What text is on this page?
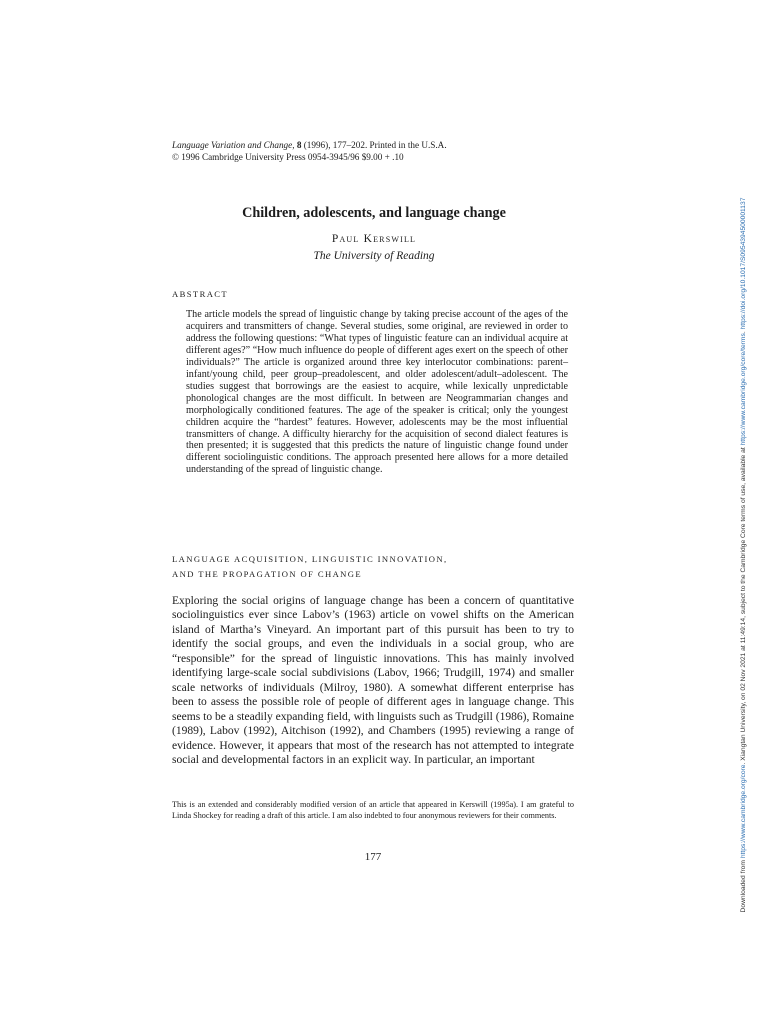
Language Variation and Change, 8 (1996), 177–202. Printed in the U.S.A.
© 1996 Cambridge University Press 0954-3945/96 $9.00 + .10
Children, adolescents, and language change
Paul Kerswill
The University of Reading
ABSTRACT
The article models the spread of linguistic change by taking precise account of the ages of the acquirers and transmitters of change. Several studies, some original, are reviewed in order to address the following questions: “What types of linguistic feature can an individual acquire at different ages?” “How much influence do people of different ages exert on the speech of other individuals?” The article is organized around three key interlocutor combinations: parent–infant/young child, peer group–preadolescent, and older adolescent/adult–adolescent. The studies suggest that borrowings are the easiest to acquire, while lexically unpredictable phonological changes are the most difficult. In between are Neogrammarian changes and morphologically conditioned features. The age of the speaker is critical; only the youngest children acquire the “hardest” features. However, adolescents may be the most influential transmitters of change. A difficulty hierarchy for the acquisition of second dialect features is then presented; it is suggested that this predicts the nature of linguistic change found under different sociolinguistic conditions. The approach presented here allows for a more detailed understanding of the spread of linguistic change.
LANGUAGE ACQUISITION, LINGUISTIC INNOVATION,
AND THE PROPAGATION OF CHANGE
Exploring the social origins of language change has been a concern of quantitative sociolinguistics ever since Labov’s (1963) article on vowel shifts on the American island of Martha’s Vineyard. An important part of this pursuit has been to try to identify the social groups, and even the individuals in a social group, who are “responsible” for the spread of linguistic innovations. This has mainly involved identifying large-scale social subdivisions (Labov, 1966; Trudgill, 1974) and smaller scale networks of individuals (Milroy, 1980). A somewhat different enterprise has been to assess the possible role of people of different ages in language change. This seems to be a steadily expanding field, with linguists such as Trudgill (1986), Romaine (1989), Labov (1992), Aitchison (1992), and Chambers (1995) reviewing a range of evidence. However, it appears that most of the research has not attempted to integrate social and developmental factors in an explicit way. In particular, an important
This is an extended and considerably modified version of an article that appeared in Kerswill (1995a). I am grateful to Linda Shockey for reading a draft of this article. I am also indebted to four anonymous reviewers for their comments.
177
Downloaded from https://www.cambridge.org/core. Xiangtan University, on 02 Nov 2021 at 11:49:14, subject to the Cambridge Core terms of use, available at https://www.cambridge.org/core/terms. https://doi.org/10.1017/S0954394500001137
